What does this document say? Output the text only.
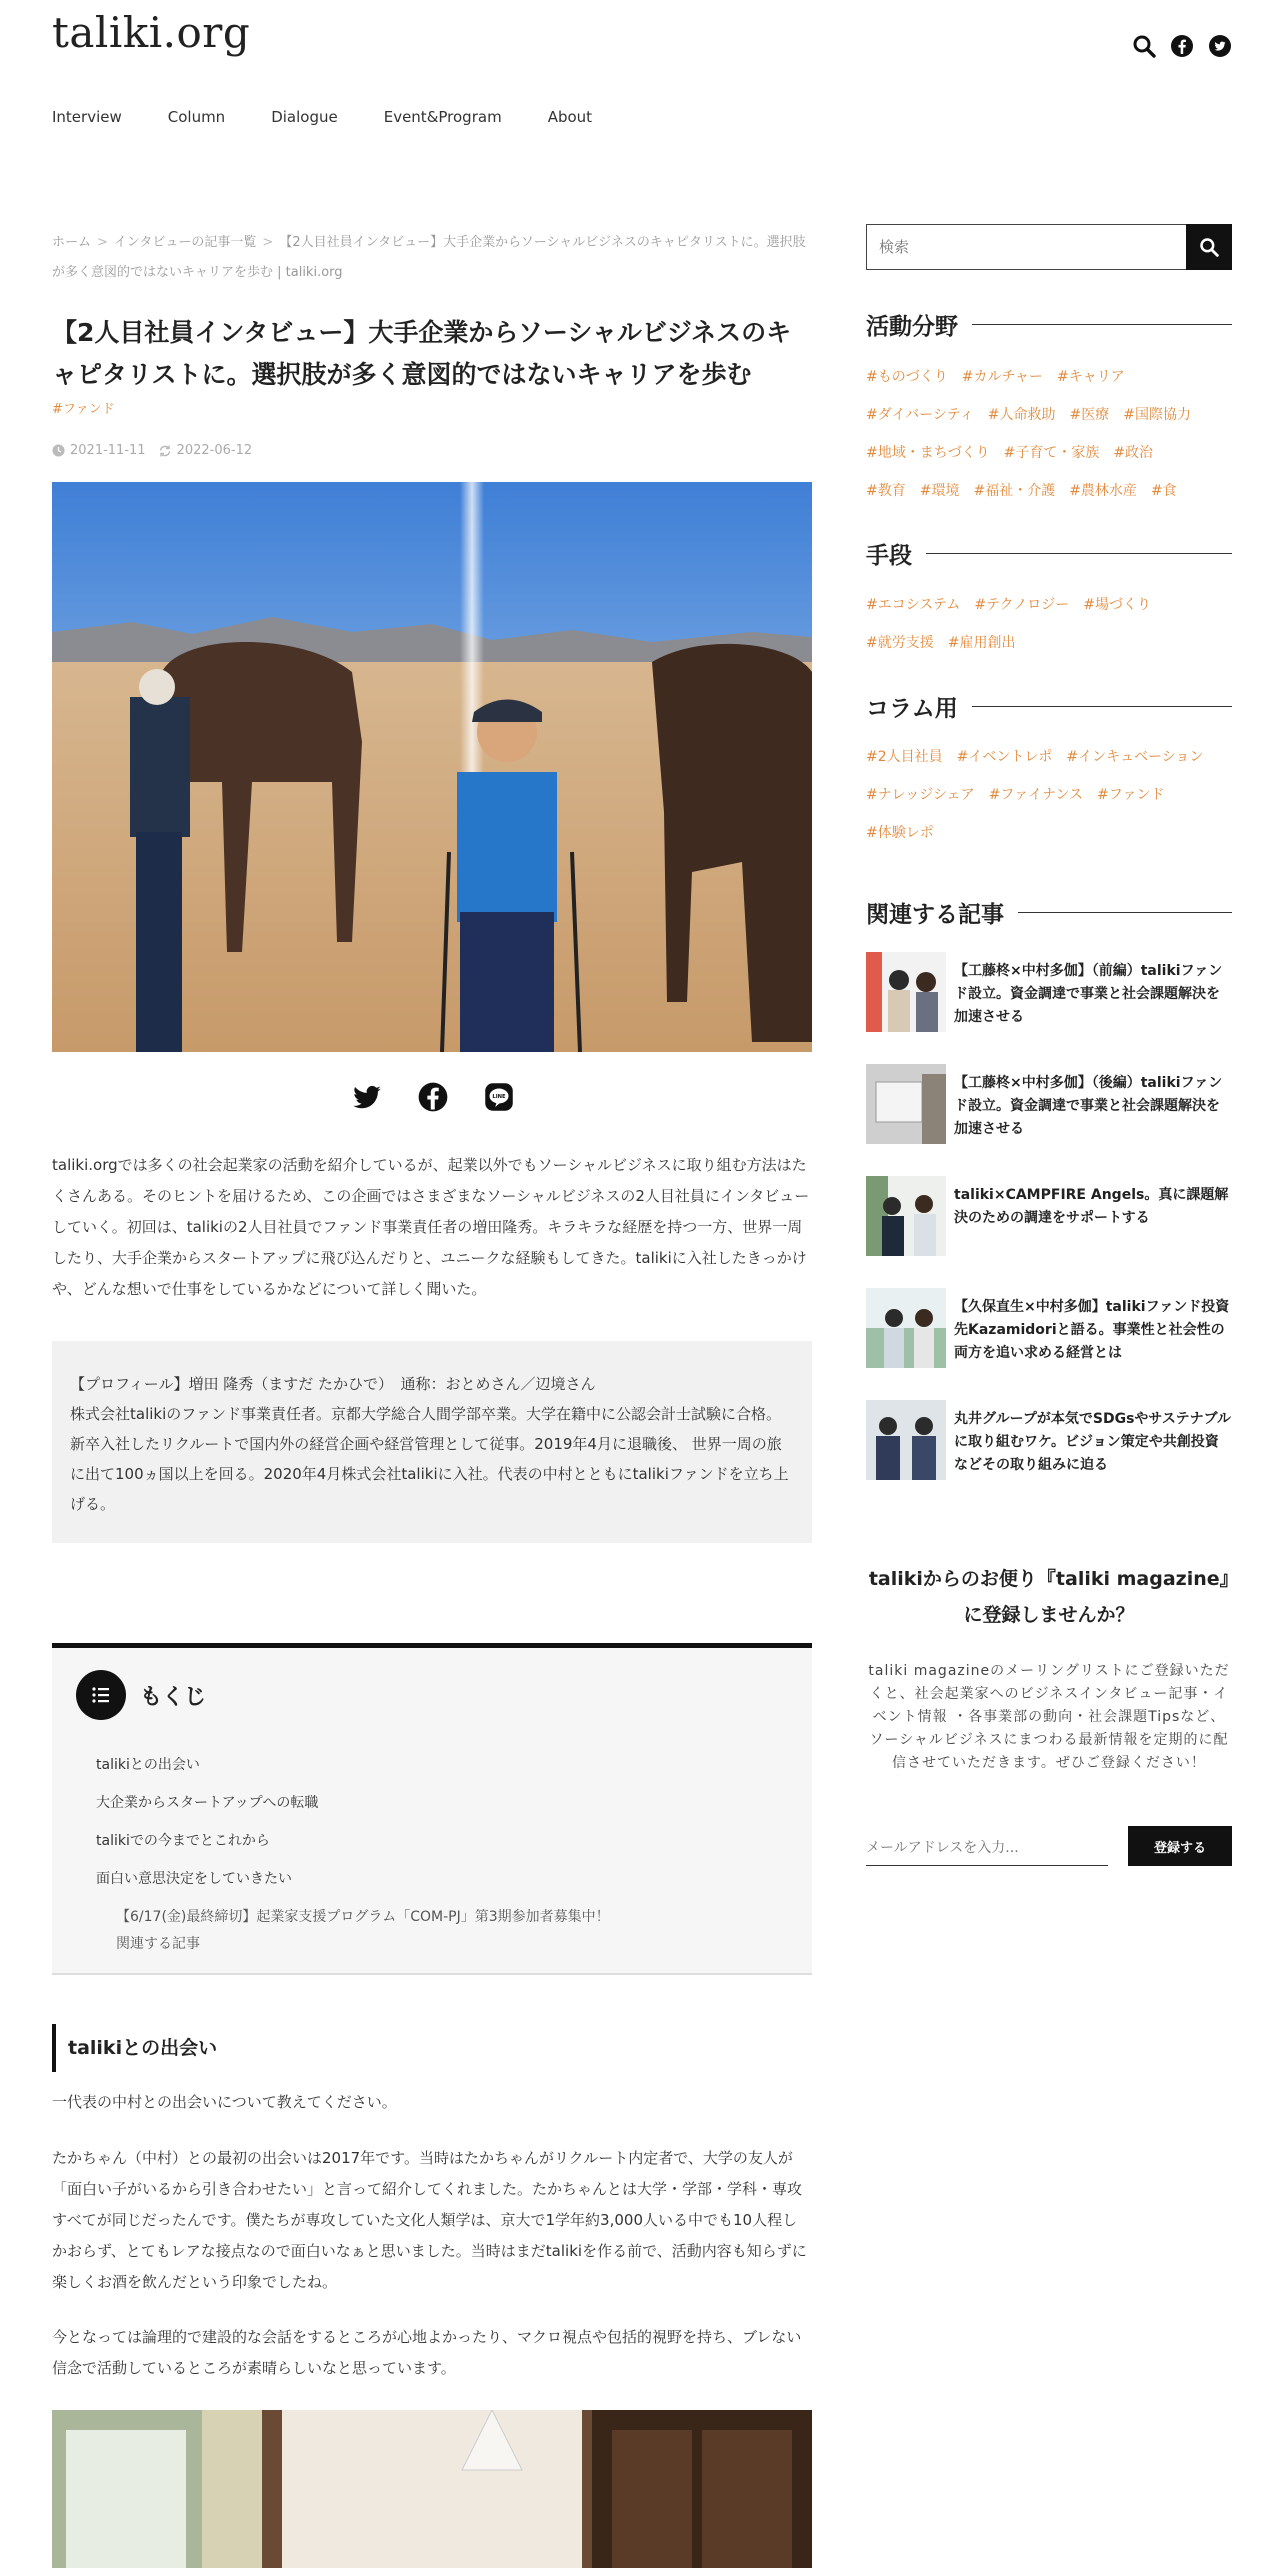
taliki.org
Interview	Column	Dialogue	Event&Program	About
ホーム > インタビューの記事一覧 > 【2人目社員インタビュー】大手企業からソーシャルビジネスのキャピタリストに。選択肢が多く意図的ではないキャリアを歩む | taliki.org
【2人目社員インタビュー】大手企業からソーシャルビジネスのキャピタリストに。選択肢が多く意図的ではないキャリアを歩む
#ファンド
2021-11-11 2022-06-12
LINE

taliki.orgでは多くの社会起業家の活動を紹介しているが、起業以外でもソーシャルビジネスに取り組む方法はたくさんある。そのヒントを届けるため、この企画ではさまざまなソーシャルビジネスの2人目社員にインタビューしていく。初回は、talikiの2人目社員でファンド事業責任者の増田隆秀。キラキラな経歴を持つ一方、世界一周したり、大手企業からスタートアップに飛び込んだりと、ユニークな経験もしてきた。talikiに入社したきっかけや、どんな想いで仕事をしているかなどについて詳しく聞いた。

【プロフィール】増田 隆秀（ますだ たかひで）　通称：おとめさん／辺境さん
株式会社talikiのファンド事業責任者。京都大学総合人間学部卒業。大学在籍中に公認会計士試験に合格。新卒入社したリクルートで国内外の経営企画や経営管理として従事。2019年4月に退職後、 世界一周の旅に出て100ヵ国以上を回る。2020年4月株式会社talikiに入社。代表の中村とともにtalikiファンドを立ち上げる。
もくじ
talikiとの出会い
大企業からスタートアップへの転職
talikiでの今までとこれから
面白い意思決定をしていきたい
【6/17(金)最終締切】起業家支援プログラム「COM-PJ」第3期参加者募集中！
関連する記事
talikiとの出会い

一代表の中村との出会いについて教えてください。

たかちゃん（中村）との最初の出会いは2017年です。当時はたかちゃんがリクルート内定者で、大学の友人が「面白い子がいるから引き合わせたい」と言って紹介してくれました。たかちゃんとは大学・学部・学科・専攻すべてが同じだったんです。僕たちが専攻していた文化人類学は、京大で1学年約3,000人いる中でも10人程しかおらず、とてもレアな接点なので面白いなぁと思いました。当時はまだtalikiを作る前で、活動内容も知らずに楽しくお酒を飲んだという印象でしたね。

今となっては論理的で建設的な会話をするところが心地よかったり、マクロ視点や包括的視野を持ち、ブレない信念で活動しているところが素晴らしいなと思っています。

検索
活動分野
#ものづくり #カルチャー #キャリア
#ダイバーシティ #人命救助 #医療 #国際協力
#地域・まちづくり #子育て・家族 #政治
#教育 #環境 #福祉・介護 #農林水産 #食
手段
#エコシステム #テクノロジー #場づくり
#就労支援 #雇用創出
コラム用
#2人目社員 #イベントレポ #インキュベーション
#ナレッジシェア #ファイナンス #ファンド
#体験レポ
関連する記事
【工藤柊×中村多伽】（前編）talikiファンド設立。資金調達で事業と社会課題解決を加速させる
【工藤柊×中村多伽】（後編）talikiファンド設立。資金調達で事業と社会課題解決を加速させる
taliki×CAMPFIRE Angels。真に課題解決のための調達をサポートする
【久保直生×中村多伽】talikiファンド投資先Kazamidoriと語る。事業性と社会性の両方を追い求める経営とは
丸井グループが本気でSDGsやサステナブルに取り組むワケ。ビジョン策定や共創投資などその取り組みに迫る
talikiからのお便り『taliki magazine』に登録しませんか？
taliki magazineのメーリングリストにご登録いただくと、社会起業家へのビジネスインタビュー記事・イベント情報 ・各事業部の動向・社会課題Tipsなど、ソーシャルビジネスにまつわる最新情報を定期的に配信させていただきます。ぜひご登録ください！
メールアドレスを入力...
登録する
